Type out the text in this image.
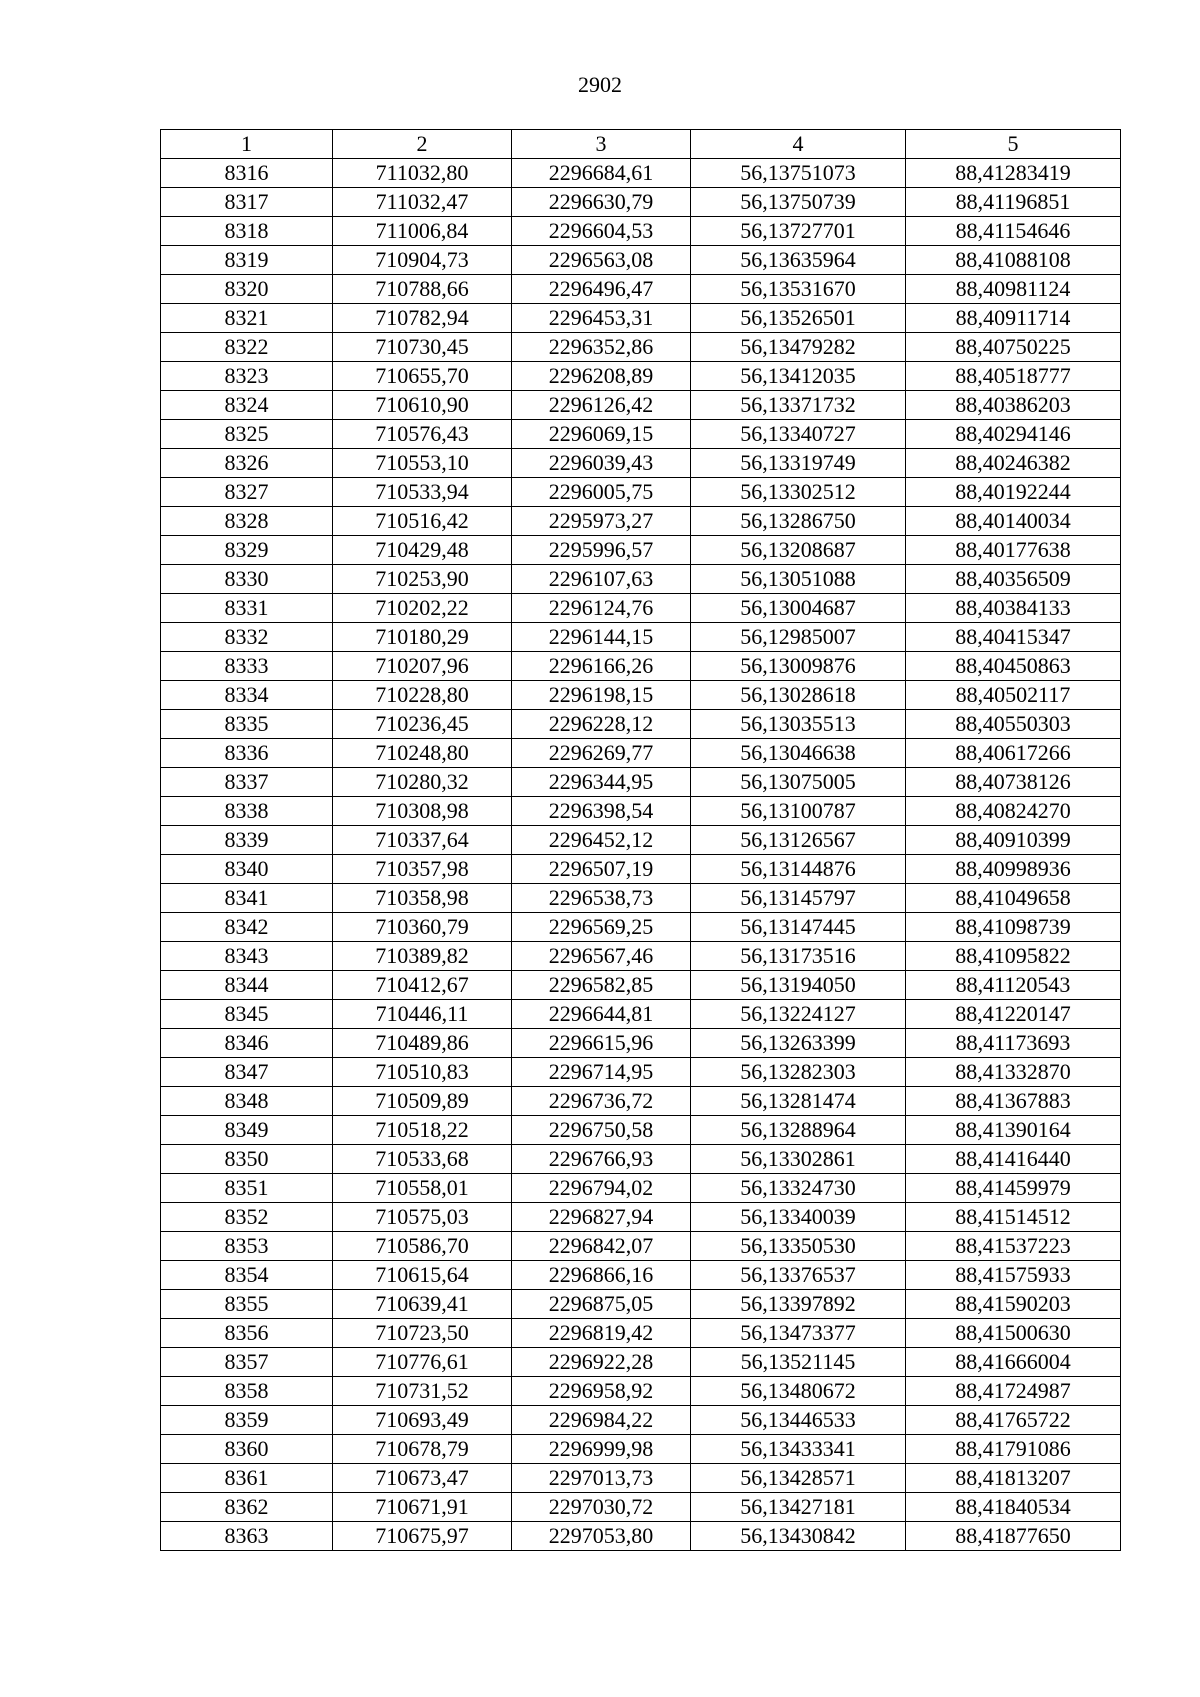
2902
1	2	3	4	5
8316	711032,80	2296684,61	56,13751073	88,41283419
8317	711032,47	2296630,79	56,13750739	88,41196851
8318	711006,84	2296604,53	56,13727701	88,41154646
8319	710904,73	2296563,08	56,13635964	88,41088108
8320	710788,66	2296496,47	56,13531670	88,40981124
8321	710782,94	2296453,31	56,13526501	88,40911714
8322	710730,45	2296352,86	56,13479282	88,40750225
8323	710655,70	2296208,89	56,13412035	88,40518777
8324	710610,90	2296126,42	56,13371732	88,40386203
8325	710576,43	2296069,15	56,13340727	88,40294146
8326	710553,10	2296039,43	56,13319749	88,40246382
8327	710533,94	2296005,75	56,13302512	88,40192244
8328	710516,42	2295973,27	56,13286750	88,40140034
8329	710429,48	2295996,57	56,13208687	88,40177638
8330	710253,90	2296107,63	56,13051088	88,40356509
8331	710202,22	2296124,76	56,13004687	88,40384133
8332	710180,29	2296144,15	56,12985007	88,40415347
8333	710207,96	2296166,26	56,13009876	88,40450863
8334	710228,80	2296198,15	56,13028618	88,40502117
8335	710236,45	2296228,12	56,13035513	88,40550303
8336	710248,80	2296269,77	56,13046638	88,40617266
8337	710280,32	2296344,95	56,13075005	88,40738126
8338	710308,98	2296398,54	56,13100787	88,40824270
8339	710337,64	2296452,12	56,13126567	88,40910399
8340	710357,98	2296507,19	56,13144876	88,40998936
8341	710358,98	2296538,73	56,13145797	88,41049658
8342	710360,79	2296569,25	56,13147445	88,41098739
8343	710389,82	2296567,46	56,13173516	88,41095822
8344	710412,67	2296582,85	56,13194050	88,41120543
8345	710446,11	2296644,81	56,13224127	88,41220147
8346	710489,86	2296615,96	56,13263399	88,41173693
8347	710510,83	2296714,95	56,13282303	88,41332870
8348	710509,89	2296736,72	56,13281474	88,41367883
8349	710518,22	2296750,58	56,13288964	88,41390164
8350	710533,68	2296766,93	56,13302861	88,41416440
8351	710558,01	2296794,02	56,13324730	88,41459979
8352	710575,03	2296827,94	56,13340039	88,41514512
8353	710586,70	2296842,07	56,13350530	88,41537223
8354	710615,64	2296866,16	56,13376537	88,41575933
8355	710639,41	2296875,05	56,13397892	88,41590203
8356	710723,50	2296819,42	56,13473377	88,41500630
8357	710776,61	2296922,28	56,13521145	88,41666004
8358	710731,52	2296958,92	56,13480672	88,41724987
8359	710693,49	2296984,22	56,13446533	88,41765722
8360	710678,79	2296999,98	56,13433341	88,41791086
8361	710673,47	2297013,73	56,13428571	88,41813207
8362	710671,91	2297030,72	56,13427181	88,41840534
8363	710675,97	2297053,80	56,13430842	88,41877650
